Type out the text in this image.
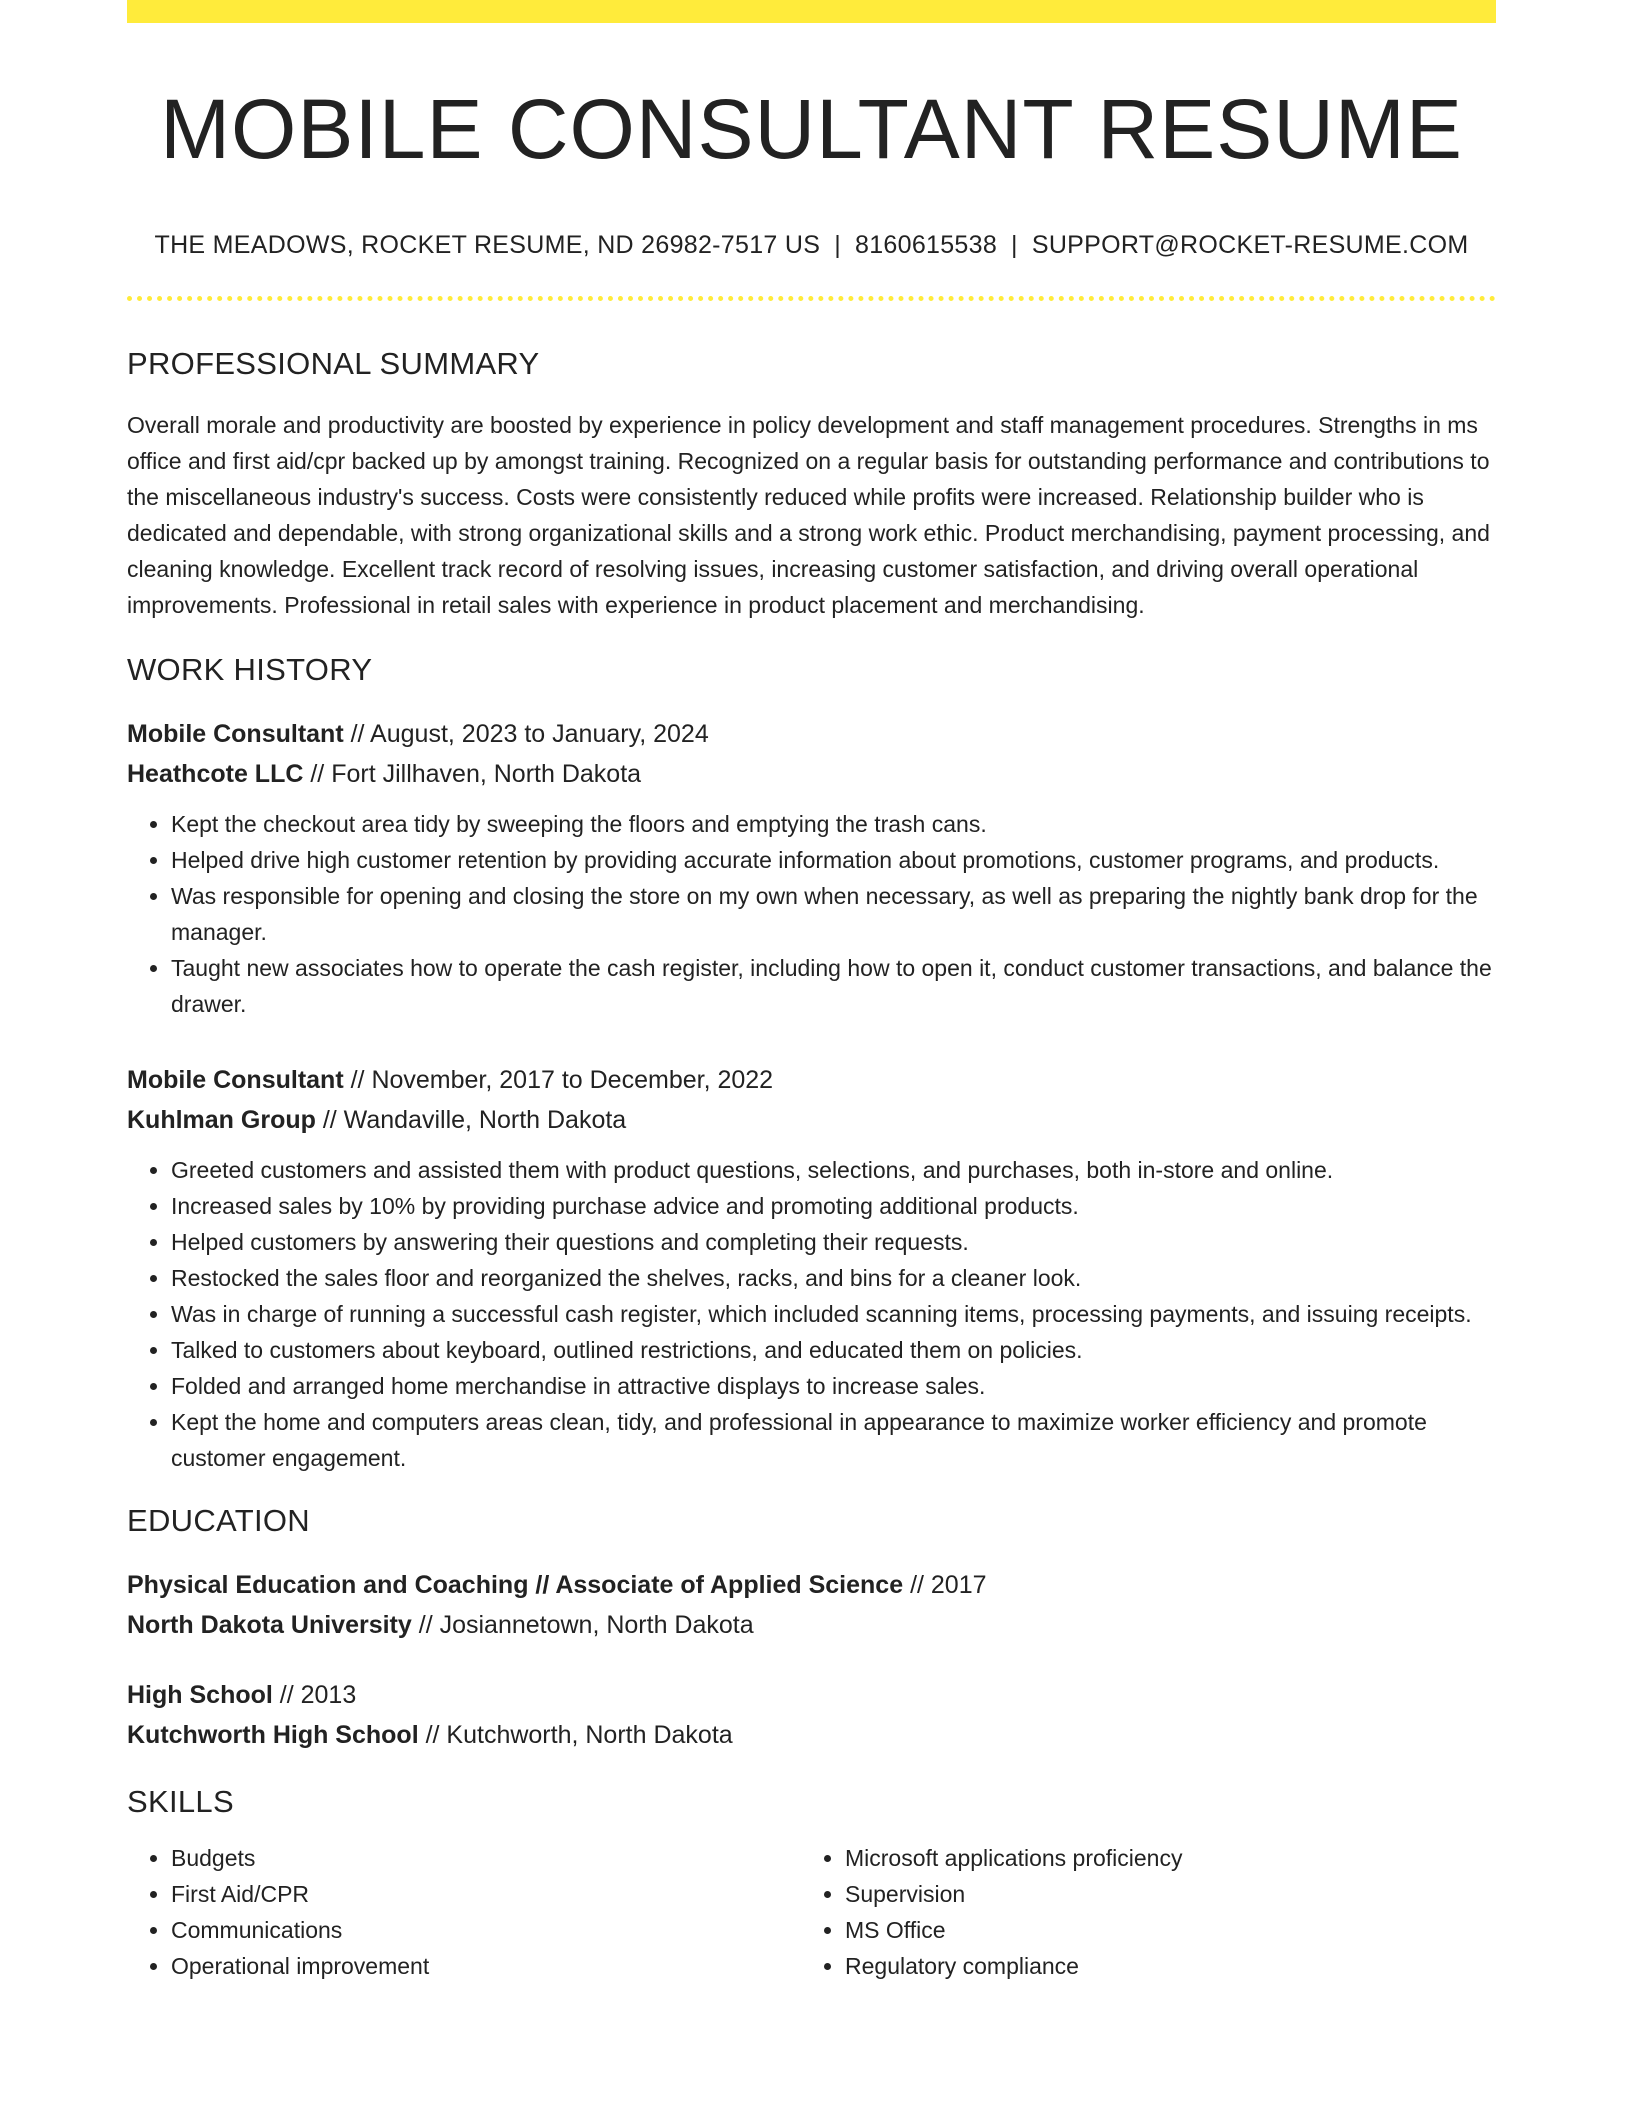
MOBILE CONSULTANT RESUME
THE MEADOWS, ROCKET RESUME, ND 26982-7517 US | 8160615538 | SUPPORT@ROCKET-RESUME.COM
PROFESSIONAL SUMMARY

Overall morale and productivity are boosted by experience in policy development and staff management procedures. Strengths in ms office and first aid/cpr backed up by amongst training. Recognized on a regular basis for outstanding performance and contributions to the miscellaneous industry's success. Costs were consistently reduced while profits were increased. Relationship builder who is dedicated and dependable, with strong organizational skills and a strong work ethic. Product merchandising, payment processing, and cleaning knowledge. Excellent track record of resolving issues, increasing customer satisfaction, and driving overall operational improvements. Professional in retail sales with experience in product placement and merchandising.

WORK HISTORY
Mobile Consultant // August, 2023 to January, 2024
Heathcote LLC // Fort Jillhaven, North Dakota
• Kept the checkout area tidy by sweeping the floors and emptying the trash cans.
• Helped drive high customer retention by providing accurate information about promotions, customer programs, and products.
• Was responsible for opening and closing the store on my own when necessary, as well as preparing the nightly bank drop for the manager.
• Taught new associates how to operate the cash register, including how to open it, conduct customer transactions, and balance the drawer.
Mobile Consultant // November, 2017 to December, 2022
Kuhlman Group // Wandaville, North Dakota
• Greeted customers and assisted them with product questions, selections, and purchases, both in-store and online.
• Increased sales by 10% by providing purchase advice and promoting additional products.
• Helped customers by answering their questions and completing their requests.
• Restocked the sales floor and reorganized the shelves, racks, and bins for a cleaner look.
• Was in charge of running a successful cash register, which included scanning items, processing payments, and issuing receipts.
• Talked to customers about keyboard, outlined restrictions, and educated them on policies.
• Folded and arranged home merchandise in attractive displays to increase sales.
• Kept the home and computers areas clean, tidy, and professional in appearance to maximize worker efficiency and promote customer engagement.
EDUCATION
Physical Education and Coaching // Associate of Applied Science // 2017
North Dakota University // Josiannetown, North Dakota
High School // 2013
Kutchworth High School // Kutchworth, North Dakota
SKILLS
• Budgets
• First Aid/CPR
• Communications
• Operational improvement
• Microsoft applications proficiency
• Supervision
• MS Office
• Regulatory compliance
